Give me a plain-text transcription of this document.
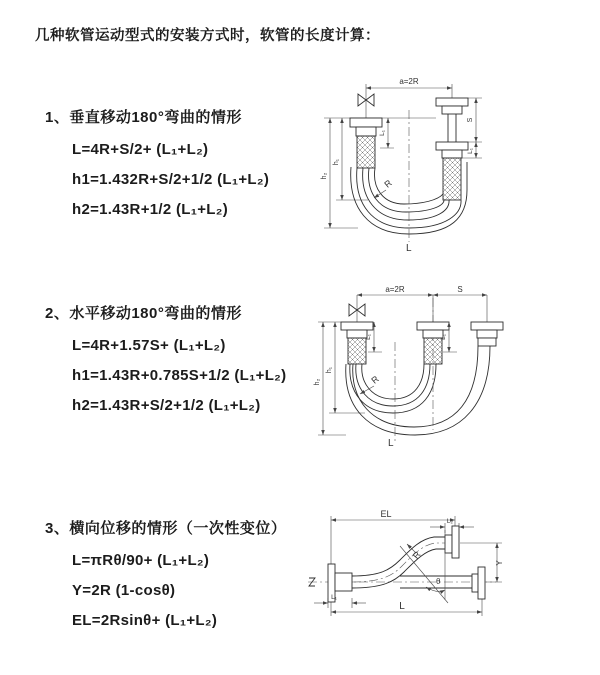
几种软管运动型式的安装方式时，软管的长度计算：
1、垂直移动180°弯曲的情形

L=4R+S/2+ (L₁+L₂)

h1=1.432R+S/2+1/2 (L₁+L₂)

h2=1.43R+1/2 (L₁+L₂)

2、水平移动180°弯曲的情形

L=4R+1.57S+ (L₁+L₂)

h1=1.43R+0.785S+1/2 (L₁+L₂)

h2=1.43R+S/2+1/2 (L₁+L₂)

3、横向位移的情形（一次性变位）

L=πRθ/90+ (L₁+L₂)

Y=2R (1-cosθ)

EL=2Rsinθ+ (L₁+L₂)

a=2R
h₂
h₁
L₁
S
L₁
R
L
a=2R	S
h₂
h₁
L₁	L₁
R
L
EL
L₂
Y
L
L₁
R
θ
